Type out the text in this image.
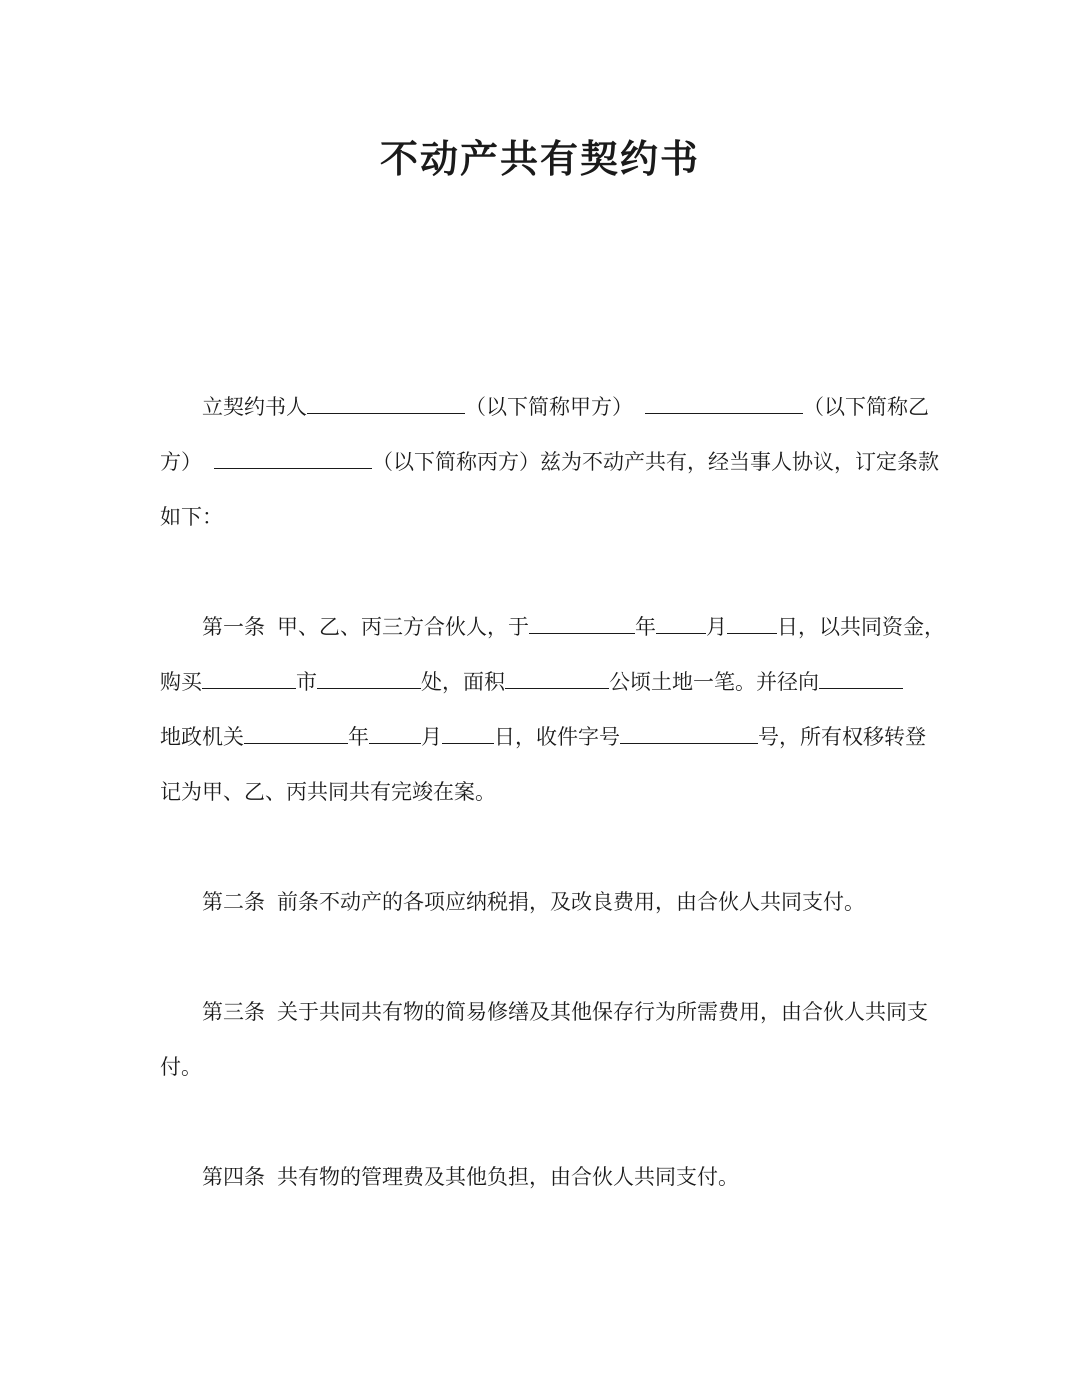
不动产共有契约书
立契约书人	（以下简称甲方）	（以下简称乙
方）	（以下简称丙方）兹为不动产共有，经当事人协议，订定条款
如下：
第一条 甲、乙、丙三方合伙人，于	年 月 日，以共同资金，
购买	市	处，面积	公顷土地一笔。并径向
地政机关	年 月 日，收件字号	号，所有权移转登
记为甲、乙、丙共同共有完竣在案。
第二条 前条不动产的各项应纳税捐，及改良费用，由合伙人共同支付。
第三条 关于共同共有物的简易修缮及其他保存行为所需费用，由合伙人共同支
付。
第四条 共有物的管理费及其他负担，由合伙人共同支付。
